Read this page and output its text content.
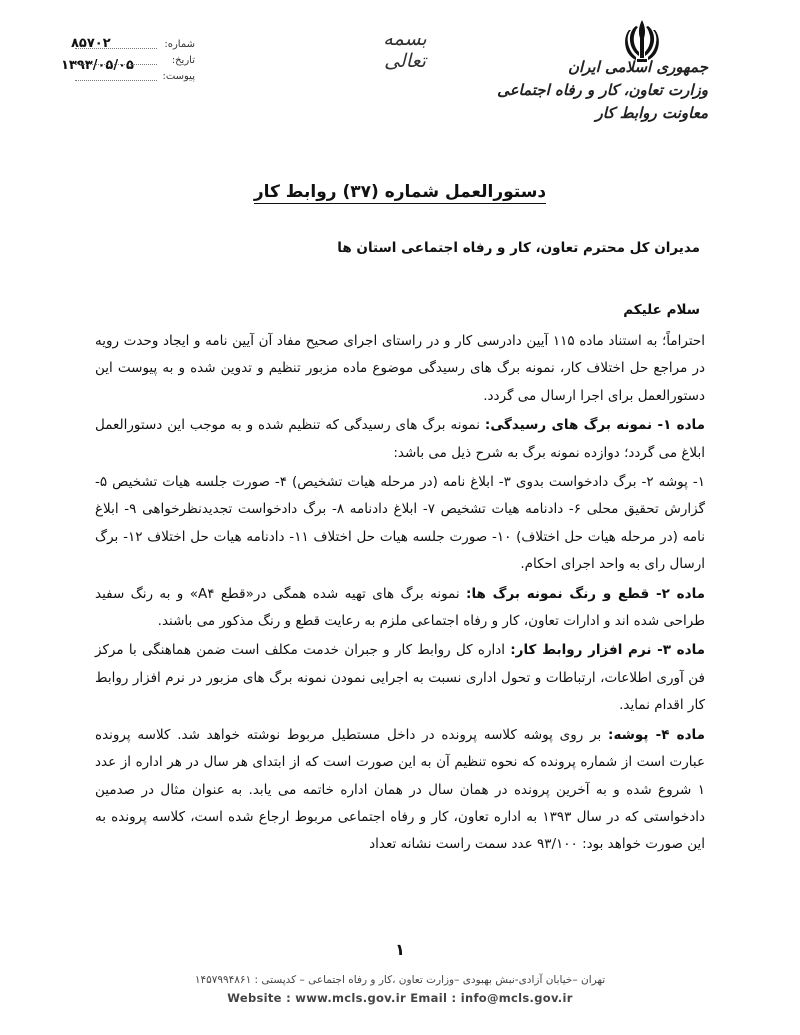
جمهوری اسلامی ایران
وزارت تعاون، کار و رفاه اجتماعی
معاونت روابط کار
بسمه تعالی
۸۵۷۰۲	شماره:
۱۳۹۳/۰۵/۰۵	تاریخ:
پیوست:
دستورالعمل شماره (۳۷) روابط کار
مدیران کل محترم تعاون، کار و رفاه اجتماعی استان ها
سلام علیکم

احتراماً؛ به استناد ماده ۱۱۵ آیین دادرسی کار و در راستای اجرای صحیح مفاد آن آیین نامه و ایجاد وحدت رویه در مراجع حل اختلاف کار، نمونه برگ های رسیدگی موضوع ماده مزبور تنظیم و تدوین شده و به پیوست این دستورالعمل برای اجرا ارسال می گردد.

ماده ۱- نمونه برگ های رسیدگی: نمونه برگ های رسیدگی که تنظیم شده و به موجب این دستورالعمل ابلاغ می گردد؛ دوازده نمونه برگ به شرح ذیل می باشد:

۱- پوشه ۲- برگ دادخواست بدوی ۳- ابلاغ نامه (در مرحله هیات تشخیص) ۴- صورت جلسه هیات تشخیص ۵- گزارش تحقیق محلی ۶- دادنامه هیات تشخیص ۷- ابلاغ دادنامه ۸- برگ دادخواست تجدیدنظرخواهی ۹- ابلاغ نامه (در مرحله هیات حل اختلاف) ۱۰- صورت جلسه هیات حل اختلاف ۱۱- دادنامه هیات حل اختلاف ۱۲- برگ ارسال رای به واحد اجرای احکام.

ماده ۲- قطع و رنگ نمونه برگ ها: نمونه برگ های تهیه شده همگی در«قطع A۴» و به رنگ سفید طراحی شده اند و ادارات تعاون، کار و رفاه اجتماعی ملزم به رعایت قطع و رنگ مذکور می باشند.

ماده ۳- نرم افزار روابط کار: اداره کل روابط کار و جبران خدمت مکلف است ضمن هماهنگی با مرکز فن آوری اطلاعات، ارتباطات و تحول اداری نسبت به اجرایی نمودن نمونه برگ های مزبور در نرم افزار روابط کار اقدام نماید.

ماده ۴- پوشه: بر روی پوشه کلاسه پرونده در داخل مستطیل مربوط نوشته خواهد شد. کلاسه پرونده عبارت است از شماره پرونده که نحوه تنظیم آن به این صورت است که از ابتدای هر سال در هر اداره از عدد ۱ شروع شده و به آخرین پرونده در همان سال در همان اداره خاتمه می یابد. به عنوان مثال در صدمین دادخواستی که در سال ۱۳۹۳ به اداره تعاون، کار و رفاه اجتماعی مربوط ارجاع شده است، کلاسه پرونده به این صورت خواهد بود: ۹۳/۱۰۰ عدد سمت راست نشانه تعداد

۱
تهران –خیابان آزادی-نبش بهبودی –وزارت تعاون ،کار و رفاه اجتماعی – کدپستی : ۱۴۵۷۹۹۴۸۶۱
Website : www.mcls.gov.ir Email : info@mcls.gov.ir
